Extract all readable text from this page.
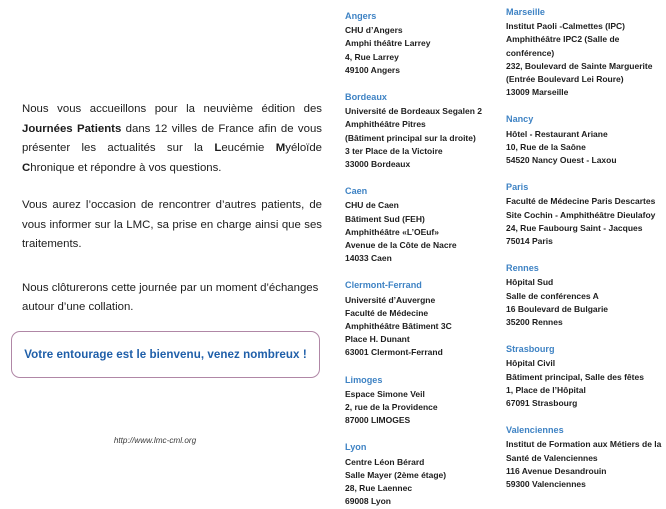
Nous vous accueillons pour la neuvième édition des Journées Patients dans 12 villes de France afin de vous présenter les actualités sur la Leucémie Myéloïde Chronique et répondre à vos questions.

Vous aurez l’occasion de rencontrer d’autres patients, de vous informer sur la LMC, sa prise en charge ainsi que ses traitements.

Nous clôturerons cette journée par un moment d’échanges autour d’une collation.

Votre entourage est le bienvenu, venez nombreux !
http://www.lmc-cml.org
Angers
CHU d’Angers
Amphi théâtre Larrey
4, Rue Larrey
49100 Angers
Bordeaux
Université de Bordeaux Segalen 2
Amphithéâtre Pitres
(Bâtiment principal sur la droite)
3 ter Place de la Victoire
33000 Bordeaux
Caen
CHU de Caen
Bâtiment Sud (FEH)
Amphithéâtre «L’OEuf»
Avenue de la Côte de Nacre
14033 Caen
Clermont-Ferrand
Université d’Auvergne
Faculté de Médecine
Amphithéâtre Bâtiment 3C
Place H. Dunant
63001 Clermont-Ferrand
Limoges
Espace Simone Veil
2, rue de la Providence
87000 LIMOGES
Lyon
Centre Léon Bérard
Salle Mayer (2ème étage)
28, Rue Laennec
69008 Lyon
Marseille
Institut Paoli -Calmettes (IPC)
Amphithéâtre IPC2 (Salle de conférence)
232, Boulevard de Sainte Marguerite
(Entrée Boulevard Lei Roure)
13009 Marseille
Nancy
Hôtel - Restaurant Ariane
10, Rue de la Saône
54520 Nancy Ouest - Laxou
Paris
Faculté de Médecine Paris Descartes
Site Cochin - Amphithéâtre Dieulafoy
24, Rue Faubourg Saint - Jacques
75014 Paris
Rennes
Hôpital Sud
Salle de conférences A
16 Boulevard de Bulgarie
35200 Rennes
Strasbourg
Hôpital Civil
Bâtiment principal, Salle des fêtes
1, Place de l’Hôpital
67091 Strasbourg
Valenciennes
Institut de Formation aux Métiers de la Santé de Valenciennes
116 Avenue Desandrouin
59300 Valenciennes
